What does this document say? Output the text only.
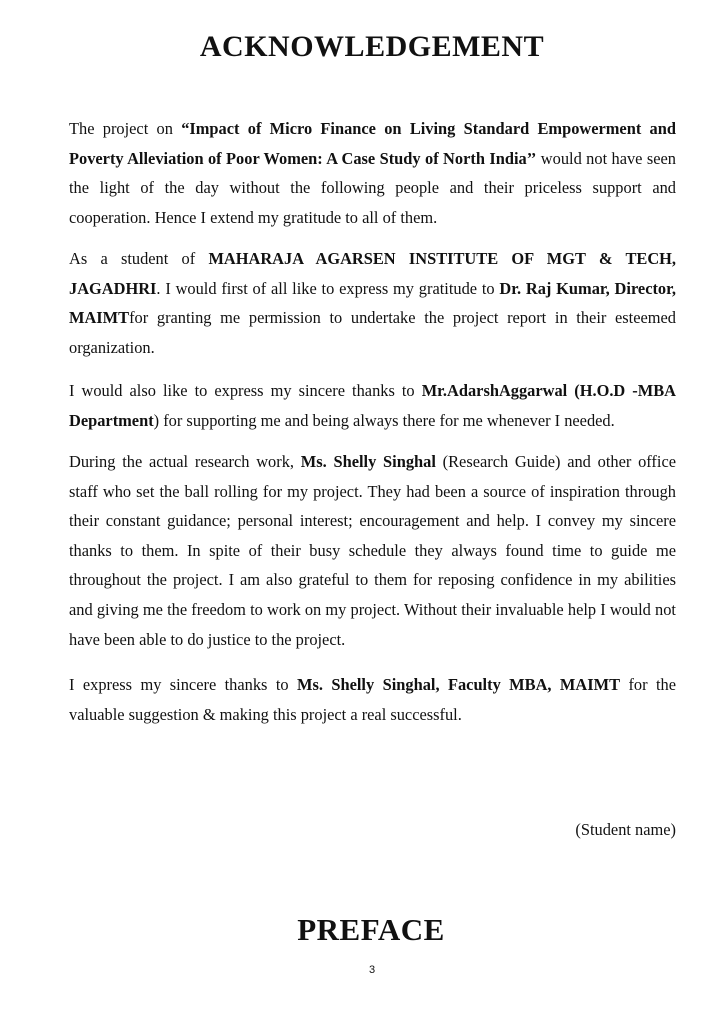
ACKNOWLEDGEMENT

The project on “Impact of Micro Finance on Living Standard Empowerment and Poverty Alleviation of Poor Women: A Case Study of North India’’ would not have seen the light of the day without the following people and their priceless support and cooperation. Hence I extend my gratitude to all of them.

As a student of MAHARAJA AGARSEN INSTITUTE OF MGT & TECH, JAGADHRI. I would first of all like to express my gratitude to Dr. Raj Kumar, Director, MAIMTfor granting me permission to undertake the project report in their esteemed organization.

I would also like to express my sincere thanks to Mr.AdarshAggarwal (H.O.D -MBA Department) for supporting me and being always there for me whenever I needed.

During the actual research work, Ms. Shelly Singhal (Research Guide) and other office staff who set the ball rolling for my project. They had been a source of inspiration through their constant guidance; personal interest; encouragement and help. I convey my sincere thanks to them. In spite of their busy schedule they always found time to guide me throughout the project. I am also grateful to them for reposing confidence in my abilities and giving me the freedom to work on my project. Without their invaluable help I would not have been able to do justice to the project.

I express my sincere thanks to Ms. Shelly Singhal, Faculty MBA, MAIMT for the valuable suggestion & making this project a real successful.

(Student name)
PREFACE
3
